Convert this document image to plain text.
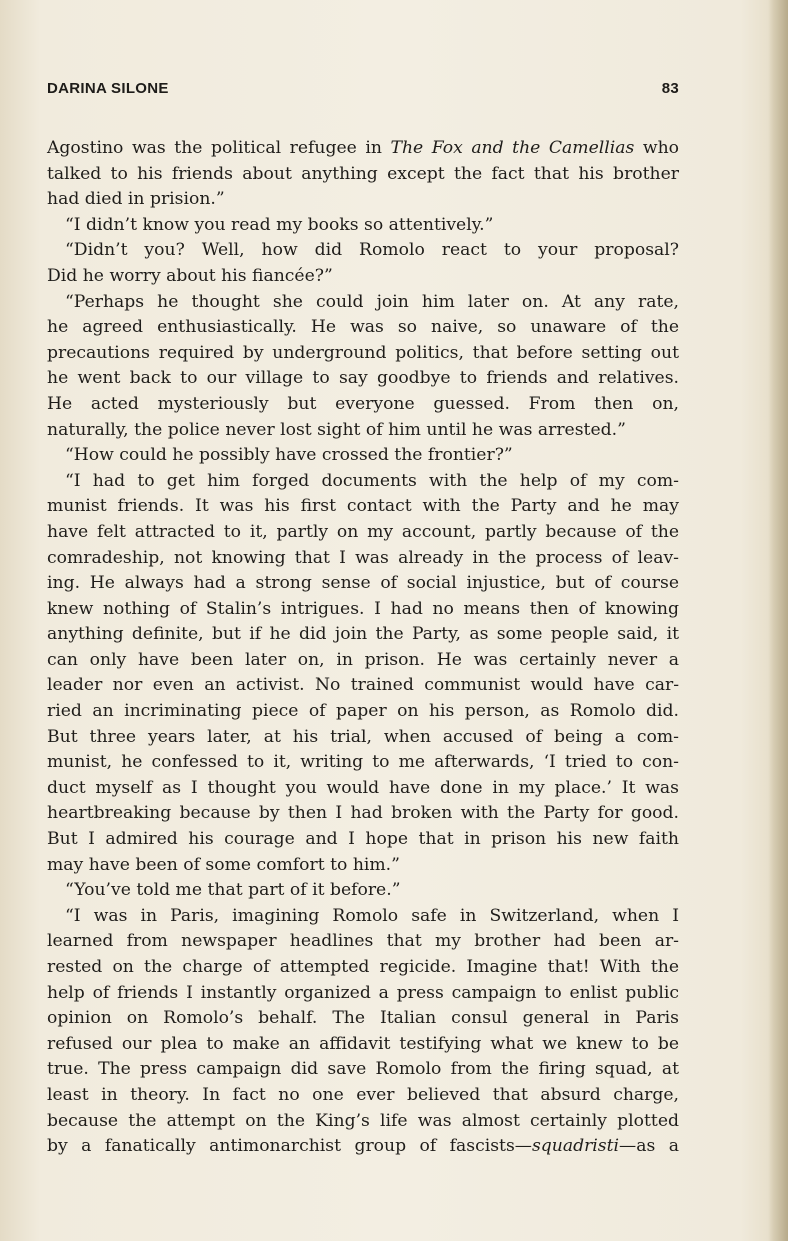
DARINA SILONE	83
Agostino was the political refugee in The Fox and the Camellias who
talked to his friends about anything except the fact that his brother
had died in prision.”
“I didn’t know you read my books so attentively.”
“Didn’t you? Well, how did Romolo react to your proposal?
Did he worry about his fiancée?”
“Perhaps he thought she could join him later on. At any rate,
he agreed enthusiastically. He was so naive, so unaware of the
precautions required by underground politics, that before setting out
he went back to our village to say goodbye to friends and relatives.
He acted mysteriously but everyone guessed. From then on,
naturally, the police never lost sight of him until he was arrested.”
“How could he possibly have crossed the frontier?”
“I had to get him forged documents with the help of my com-
munist friends. It was his first contact with the Party and he may
have felt attracted to it, partly on my account, partly because of the
comradeship, not knowing that I was already in the process of leav-
ing. He always had a strong sense of social injustice, but of course
knew nothing of Stalin’s intrigues. I had no means then of knowing
anything definite, but if he did join the Party, as some people said, it
can only have been later on, in prison. He was certainly never a
leader nor even an activist. No trained communist would have car-
ried an incriminating piece of paper on his person, as Romolo did.
But three years later, at his trial, when accused of being a com-
munist, he confessed to it, writing to me afterwards, ‘I tried to con-
duct myself as I thought you would have done in my place.’ It was
heartbreaking because by then I had broken with the Party for good.
But I admired his courage and I hope that in prison his new faith
may have been of some comfort to him.”
“You’ve told me that part of it before.”
“I was in Paris, imagining Romolo safe in Switzerland, when I
learned from newspaper headlines that my brother had been ar-
rested on the charge of attempted regicide. Imagine that! With the
help of friends I instantly organized a press campaign to enlist public
opinion on Romolo’s behalf. The Italian consul general in Paris
refused our plea to make an affidavit testifying what we knew to be
true. The press campaign did save Romolo from the firing squad, at
least in theory. In fact no one ever believed that absurd charge,
because the attempt on the King’s life was almost certainly plotted
by a fanatically antimonarchist group of fascists—squadristi—as a
